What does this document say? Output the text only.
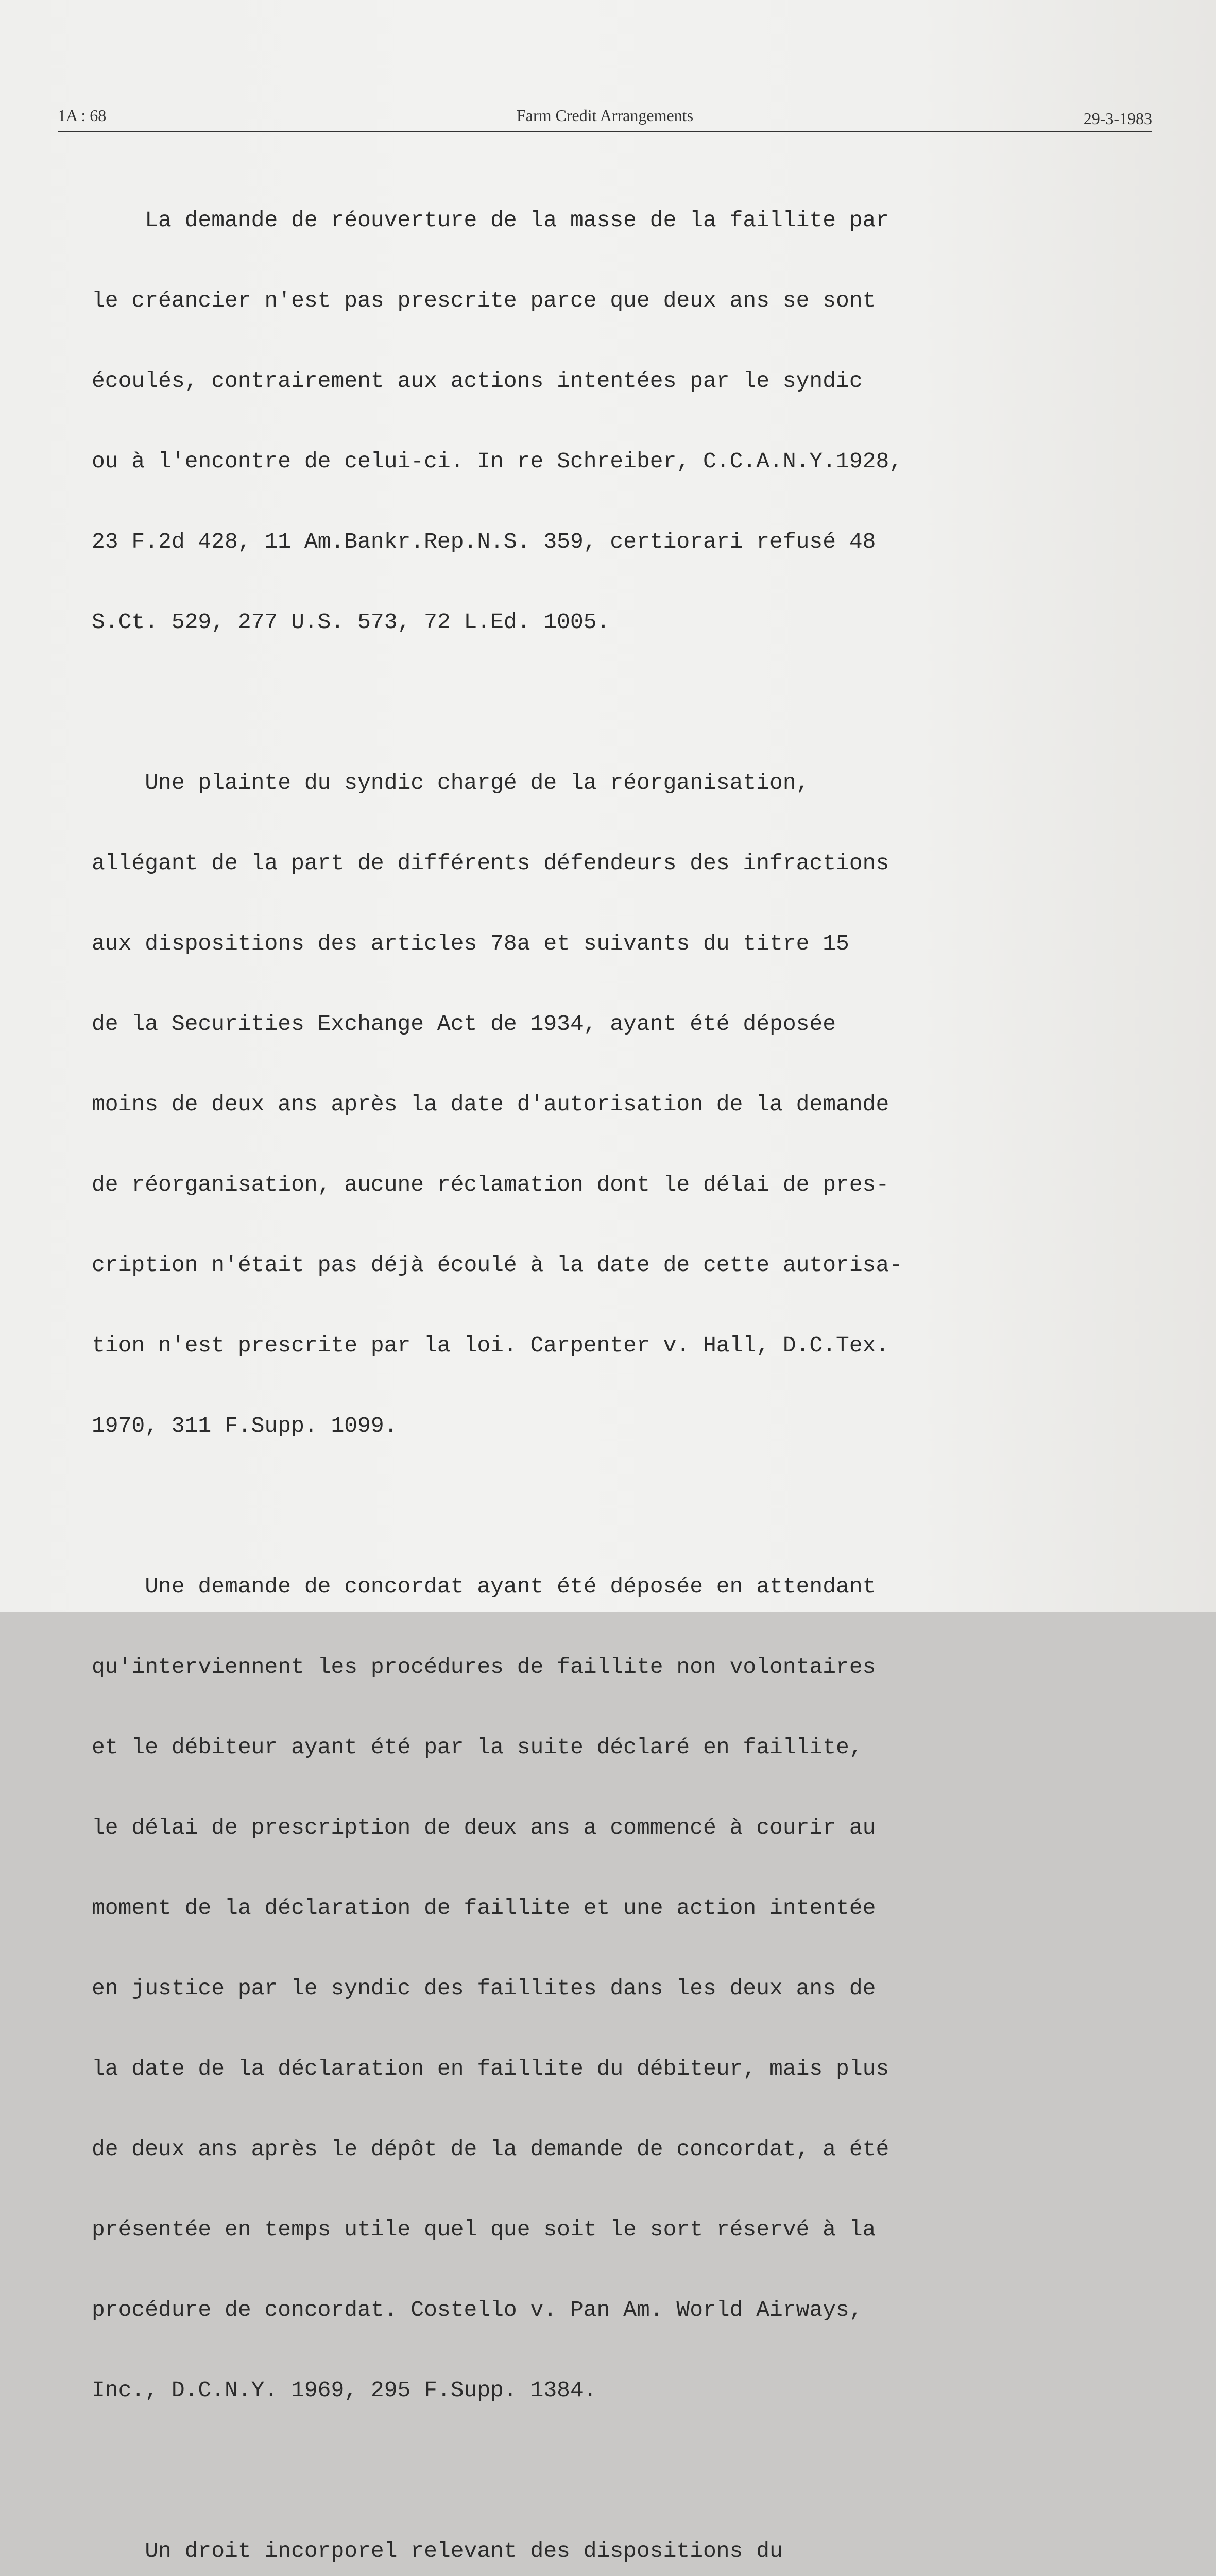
1A : 68	Farm Credit Arrangements	29-3-1983

La demande de réouverture de la masse de la faillite par

le créancier n'est pas prescrite parce que deux ans se sont

écoulés, contrairement aux actions intentées par le syndic

ou à l'encontre de celui-ci. In re Schreiber, C.C.A.N.Y.1928,

23 F.2d 428, 11 Am.Bankr.Rep.N.S. 359, certiorari refusé 48

S.Ct. 529, 277 U.S. 573, 72 L.Ed. 1005.

Une plainte du syndic chargé de la réorganisation,

allégant de la part de différents défendeurs des infractions

aux dispositions des articles 78a et suivants du titre 15

de la Securities Exchange Act de 1934, ayant été déposée

moins de deux ans après la date d'autorisation de la demande

de réorganisation, aucune réclamation dont le délai de pres-

cription n'était pas déjà écoulé à la date de cette autorisa-

tion n'est prescrite par la loi. Carpenter v. Hall, D.C.Tex.

1970, 311 F.Supp. 1099.

Une demande de concordat ayant été déposée en attendant

qu'interviennent les procédures de faillite non volontaires

et le débiteur ayant été par la suite déclaré en faillite,

le délai de prescription de deux ans a commencé à courir au

moment de la déclaration de faillite et une action intentée

en justice par le syndic des faillites dans les deux ans de

la date de la déclaration en faillite du débiteur, mais plus

de deux ans après le dépôt de la demande de concordat, a été

présentée en temps utile quel que soit le sort réservé à la

procédure de concordat. Costello v. Pan Am. World Airways,

Inc., D.C.N.Y. 1969, 295 F.Supp. 1384.

Un droit incorporel relevant des dispositions du
